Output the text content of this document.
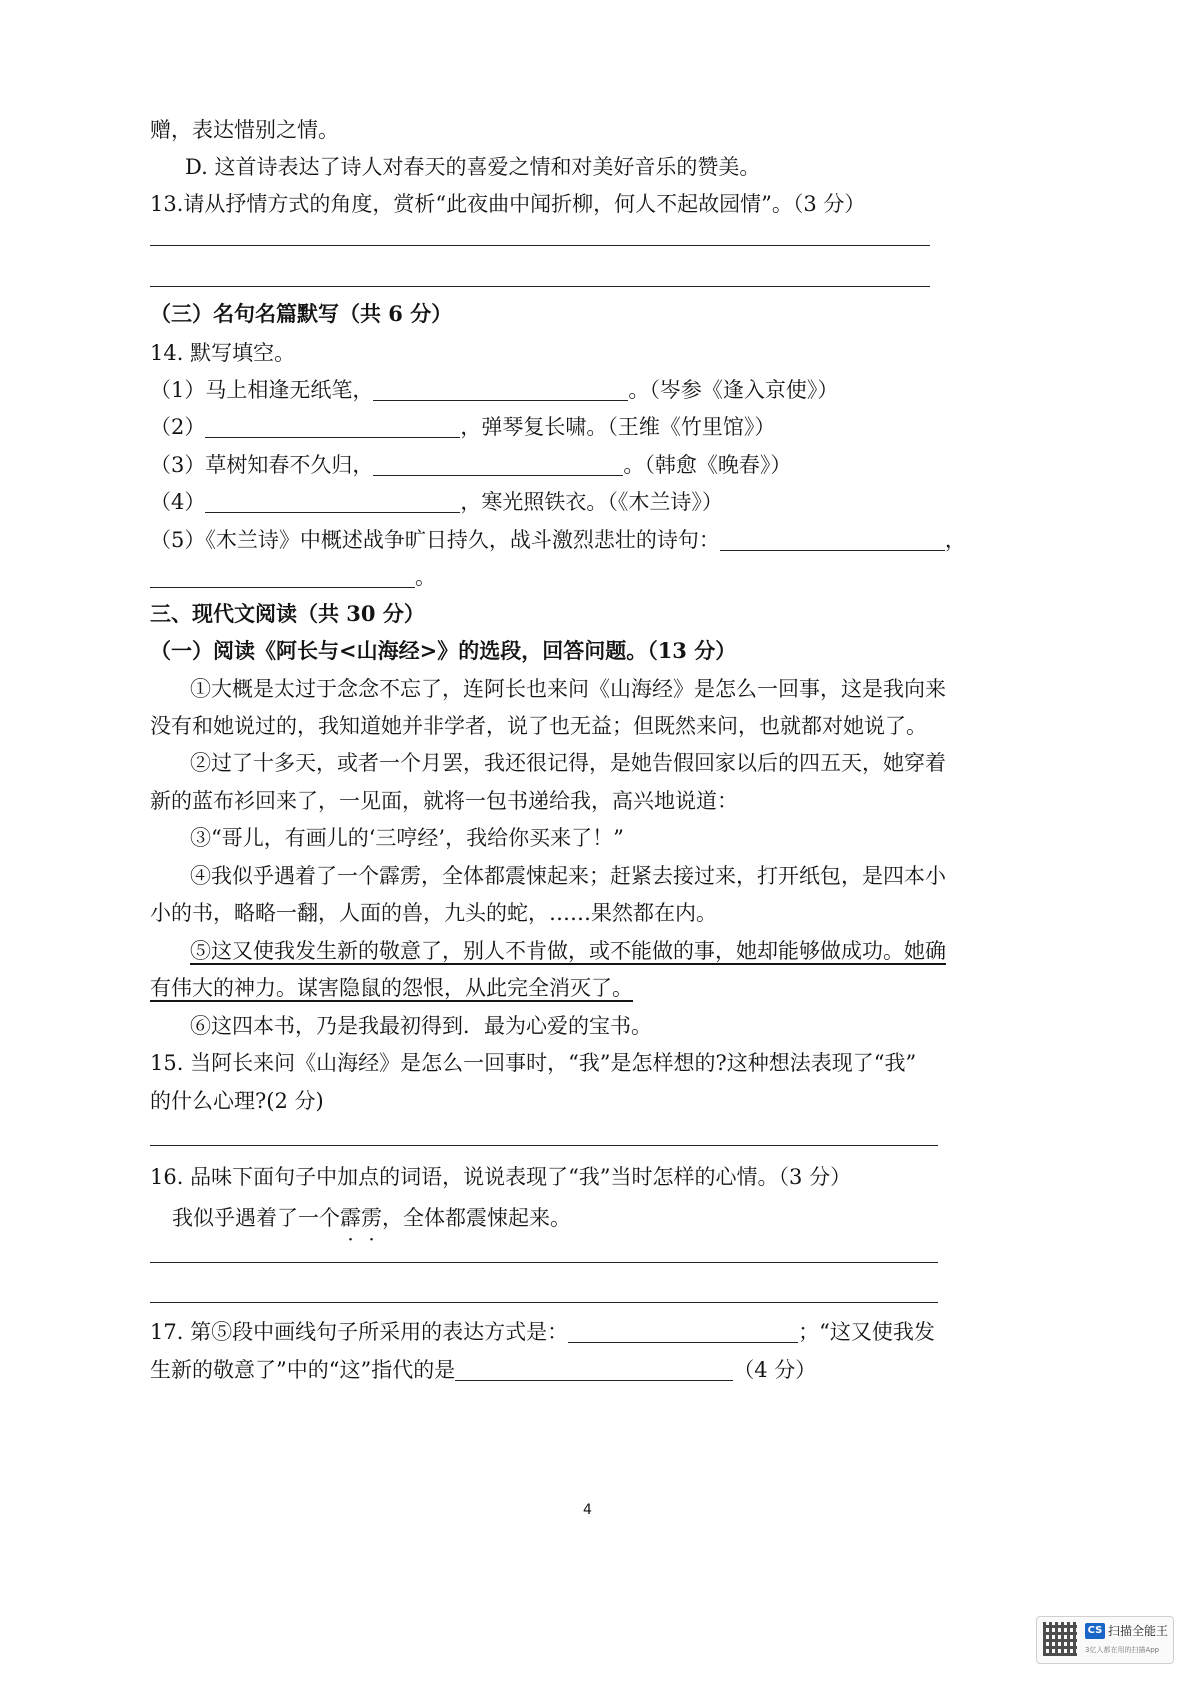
赠，表达惜别之情。
D. 这首诗表达了诗人对春天的喜爱之情和对美好音乐的赞美。
13.请从抒情方式的角度，赏析“此夜曲中闻折柳，何人不起故园情”。（3 分）
（三）名句名篇默写（共 6 分）
14. 默写填空。
（1）马上相逢无纸笔，	。（岑参《逢入京使》）
（2）	，弹琴复长啸。（王维《竹里馆》）
（3）草树知春不久归，	。（韩愈《晚春》）
（4）	，寒光照铁衣。（《木兰诗》）
（5）《木兰诗》中概述战争旷日持久，战斗激烈悲壮的诗句：	，
。
三、现代文阅读（共 30 分）
（一）阅读《阿长与<山海经>》的选段，回答问题。（13 分）
①大概是太过于念念不忘了，连阿长也来问《山海经》是怎么一回事，这是我向来
没有和她说过的，我知道她并非学者，说了也无益；但既然来问，也就都对她说了。
②过了十多天，或者一个月罢，我还很记得，是她告假回家以后的四五天，她穿着
新的蓝布衫回来了，一见面，就将一包书递给我，高兴地说道：
③“哥儿，有画儿的‘三哼经’，我给你买来了！”
④我似乎遇着了一个霹雳，全体都震悚起来；赶紧去接过来，打开纸包，是四本小
小的书，略略一翻，人面的兽，九头的蛇，……果然都在内。
⑤这又使我发生新的敬意了，别人不肯做，或不能做的事，她却能够做成功。她确
有伟大的神力。谋害隐鼠的怨恨，从此完全消灭了。
⑥这四本书，乃是我最初得到．最为心爱的宝书。
15. 当阿长来问《山海经》是怎么一回事时，“我”是怎样想的?这种想法表现了“我”
的什么心理?(2 分)
16. 品味下面句子中加点的词语，说说表现了“我”当时怎样的心情。（3 分）
我似乎遇着了一个霹雳，全体都震悚起来。
17. 第⑤段中画线句子所采用的表达方式是：	；“这又使我发
生新的敬意了”中的“这”指代的是	（4 分）
4
CS 扫描全能王
3亿人都在用的扫描App
